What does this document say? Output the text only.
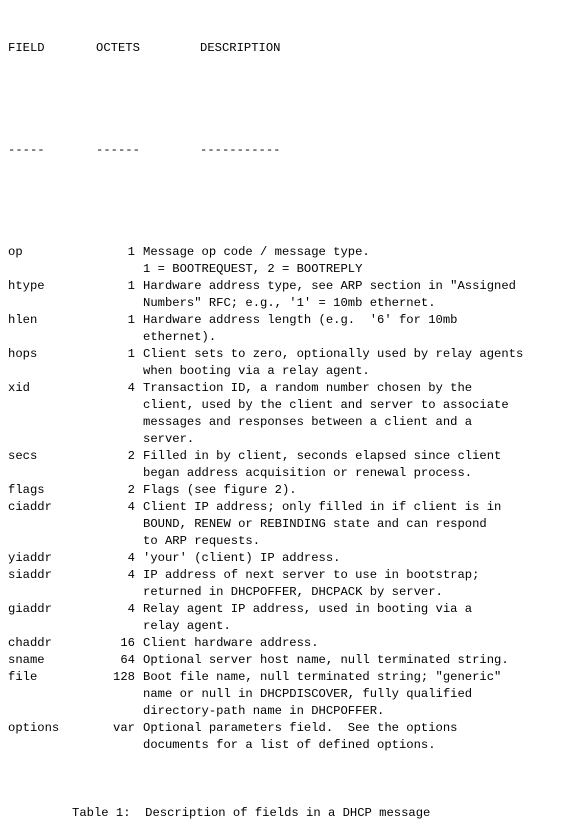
FIELD	OCTETS	DESCRIPTION

-----	------	-----------

op	1 Message op code / message type.
1 = BOOTREQUEST, 2 = BOOTREPLY
htype	1 Hardware address type, see ARP section in "Assigned
Numbers" RFC; e.g., '1' = 10mb ethernet.
hlen	1 Hardware address length (e.g.  '6' for 10mb
ethernet).
hops	1 Client sets to zero, optionally used by relay agents
when booting via a relay agent.
xid	4 Transaction ID, a random number chosen by the
client, used by the client and server to associate
messages and responses between a client and a
server.
secs	2 Filled in by client, seconds elapsed since client
began address acquisition or renewal process.
flags	2 Flags (see figure 2).
ciaddr	4 Client IP address; only filled in if client is in
BOUND, RENEW or REBINDING state and can respond
to ARP requests.
yiaddr	4 'your' (client) IP address.
siaddr	4 IP address of next server to use in bootstrap;
returned in DHCPOFFER, DHCPACK by server.
giaddr	4 Relay agent IP address, used in booting via a
relay agent.
chaddr	16 Client hardware address.
sname	64 Optional server host name, null terminated string.
file	128 Boot file name, null terminated string; "generic"
name or null in DHCPDISCOVER, fully qualified
directory-path name in DHCPOFFER.
options	var Optional parameters field.  See the options
documents for a list of defined options.

Table 1:  Description of fields in a DHCP message
